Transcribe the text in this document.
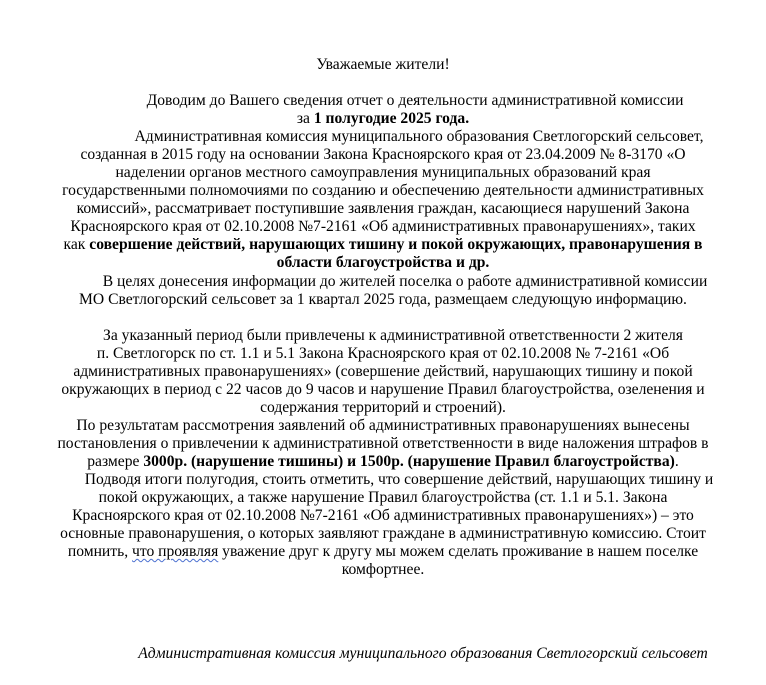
Уважаемые жители!
Доводим до Вашего сведения отчет о деятельности административной комиссии
за 1 полугодие 2025 года.
Административная комиссия муниципального образования Светлогорский сельсовет,
созданная в 2015 году на основании Закона Красноярского края от 23.04.2009 № 8-3170 «О
наделении органов местного самоуправления муниципальных образований края
государственными полномочиями по созданию и обеспечению деятельности административных
комиссий», рассматривает поступившие заявления граждан, касающиеся нарушений Закона
Красноярского края от 02.10.2008 №7-2161 «Об административных правонарушениях», таких
как совершение действий, нарушающих тишину и покой окружающих, правонарушения в
области благоустройства и др.
В целях донесения информации до жителей поселка о работе административной комиссии
МО Светлогорский сельсовет за 1 квартал 2025 года, размещаем следующую информацию.
За указанный период были привлечены к административной ответственности 2 жителя
п. Светлогорск по ст. 1.1 и 5.1 Закона Красноярского края от 02.10.2008 № 7-2161 «Об
административных правонарушениях» (совершение действий, нарушающих тишину и покой
окружающих в период с 22 часов до 9 часов и нарушение Правил благоустройства, озеленения и
содержания территорий и строений).
По результатам рассмотрения заявлений об административных правонарушениях вынесены
постановления о привлечении к административной ответственности в виде наложения штрафов в
размере 3000р. (нарушение тишины) и 1500р. (нарушение Правил благоустройства).
Подводя итоги полугодия, стоить отметить, что совершение действий, нарушающих тишину и
покой окружающих, а также нарушение Правил благоустройства (ст. 1.1 и 5.1. Закона
Красноярского края от 02.10.2008 №7-2161 «Об административных правонарушениях») – это
основные правонарушения, о которых заявляют граждане в административную комиссию. Стоит
помнить, что проявляя уважение друг к другу мы можем сделать проживание в нашем поселке
комфортнее.
Административная комиссия муниципального образования Светлогорский сельсовет
